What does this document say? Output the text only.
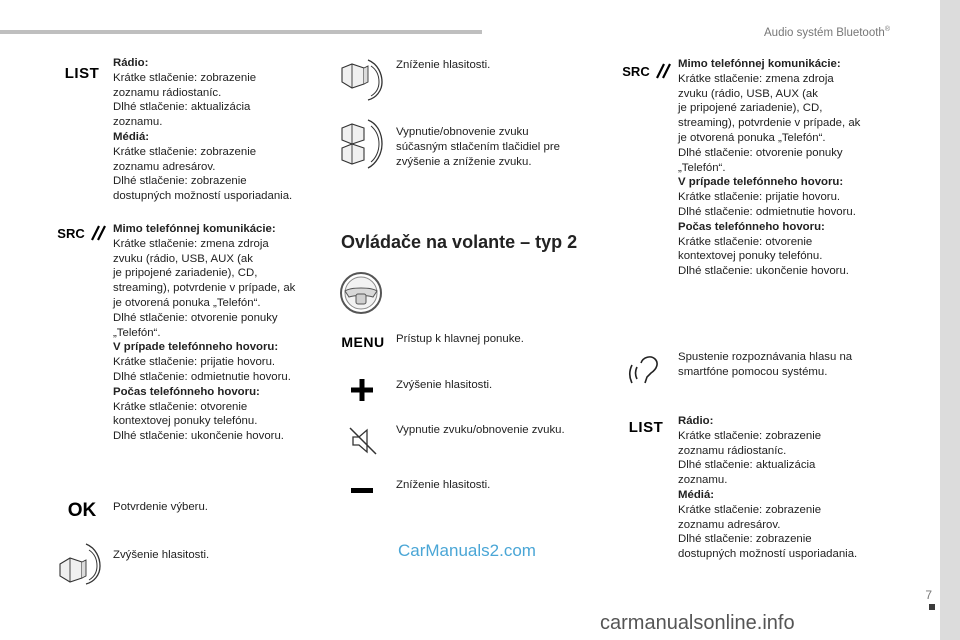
Audio systém Bluetooth®
7
LIST
Rádio:
Krátke stlačenie: zobrazenie
zoznamu rádiostaníc.
Dlhé stlačenie: aktualizácia
zoznamu.
Médiá:
Krátke stlačenie: zobrazenie
zoznamu adresárov.
Dlhé stlačenie: zobrazenie
dostupných možností usporiadania.
SRC Mimo telefónnej komunikácie:
Krátke stlačenie: zmena zdroja
zvuku (rádio, USB, AUX (ak
je pripojené zariadenie), CD,
streaming), potvrdenie v prípade, ak
je otvorená ponuka „Telefón“.
Dlhé stlačenie: otvorenie ponuky
„Telefón“.
V prípade telefónneho hovoru:
Krátke stlačenie: prijatie hovoru.
Dlhé stlačenie: odmietnutie hovoru.
Počas telefónneho hovoru:
Krátke stlačenie: otvorenie
kontextovej ponuky telefónu.
Dlhé stlačenie: ukončenie hovoru.
OK Potvrdenie výberu.
Zvýšenie hlasitosti.
Zníženie hlasitosti.
Vypnutie/obnovenie zvuku
súčasným stlačením tlačidiel pre
zvýšenie a zníženie zvuku.
Ovládače na volante – typ 2
MENU Prístup k hlavnej ponuke.
Zvýšenie hlasitosti.
Vypnutie zvuku/obnovenie zvuku.
Zníženie hlasitosti.
SRC Mimo telefónnej komunikácie:
Krátke stlačenie: zmena zdroja
zvuku (rádio, USB, AUX (ak
je pripojené zariadenie), CD,
streaming), potvrdenie v prípade, ak
je otvorená ponuka „Telefón“.
Dlhé stlačenie: otvorenie ponuky
„Telefón“.
V prípade telefónneho hovoru:
Krátke stlačenie: prijatie hovoru.
Dlhé stlačenie: odmietnutie hovoru.
Počas telefónneho hovoru:
Krátke stlačenie: otvorenie
kontextovej ponuky telefónu.
Dlhé stlačenie: ukončenie hovoru.
Spustenie rozpoznávania hlasu na
smartfóne pomocou systému.
LIST Rádio:
Krátke stlačenie: zobrazenie
zoznamu rádiostaníc.
Dlhé stlačenie: aktualizácia
zoznamu.
Médiá:
Krátke stlačenie: zobrazenie
zoznamu adresárov.
Dlhé stlačenie: zobrazenie
dostupných možností usporiadania.
CarManuals2.com
carmanualsonline.info
